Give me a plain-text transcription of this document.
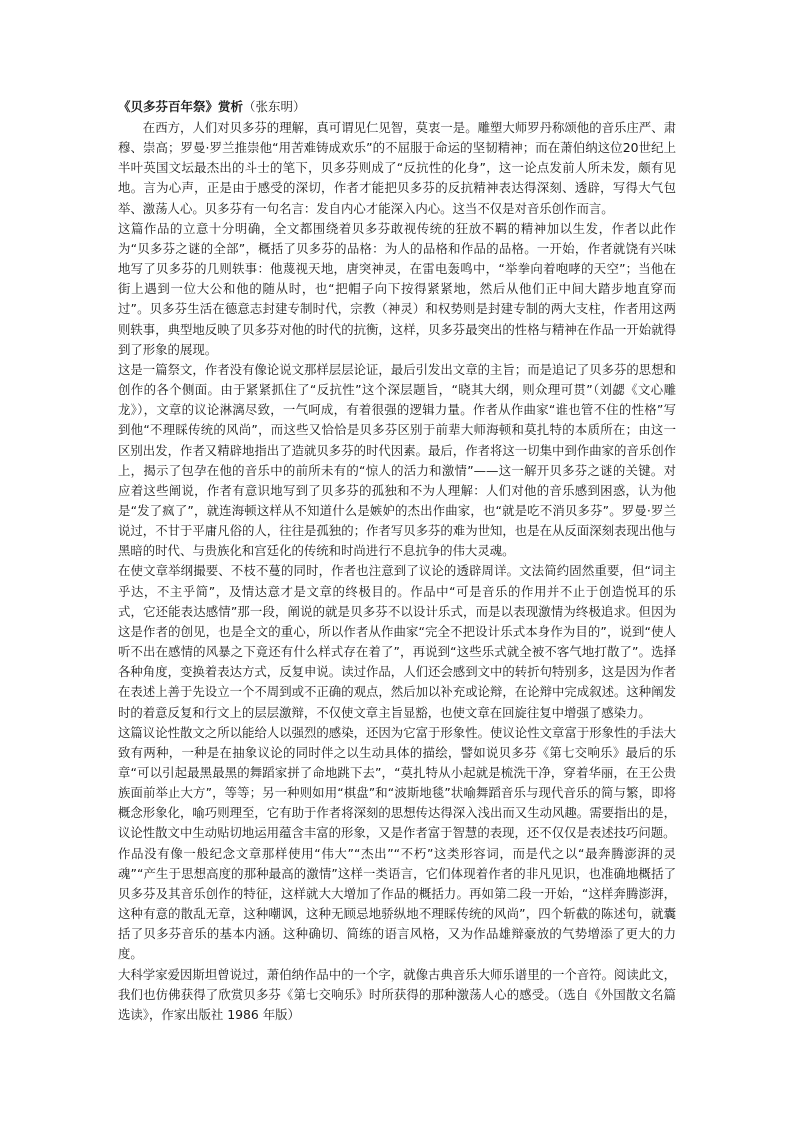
《贝多芬百年祭》赏析（张东明）

在西方，人们对贝多芬的理解，真可谓见仁见智，莫衷一是。雕塑大师罗丹称颂他的音乐庄严、肃穆、崇高；罗曼·罗兰推崇他“用苦难铸成欢乐”的不屈服于命运的坚韧精神；而在萧伯纳这位20世纪上半叶英国文坛最杰出的斗士的笔下，贝多芬则成了“反抗性的化身”，这一论点发前人所未发，颇有见地。言为心声，正是由于感受的深切，作者才能把贝多芬的反抗精神表达得深刻、透辟，写得大气包举、激荡人心。贝多芬有一句名言：发自内心才能深入内心。这当不仅是对音乐创作而言。

这篇作品的立意十分明确，全文都围绕着贝多芬敢视传统的狂放不羁的精神加以生发，作者以此作为“贝多芬之谜的全部”，概括了贝多芬的品格：为人的品格和作品的品格。一开始，作者就饶有兴味地写了贝多芬的几则轶事：他蔑视天地，唐突神灵，在雷电轰鸣中，“举拳向着咆哮的天空”；当他在街上遇到一位大公和他的随从时，也“把帽子向下按得紧紧地，然后从他们正中间大踏步地直穿而过”。贝多芬生活在德意志封建专制时代，宗教（神灵）和权势则是封建专制的两大支柱，作者用这两则轶事，典型地反映了贝多芬对他的时代的抗衡，这样，贝多芬最突出的性格与精神在作品一开始就得到了形象的展现。

这是一篇祭文，作者没有像论说文那样层层论证，最后引发出文章的主旨；而是追记了贝多芬的思想和创作的各个侧面。由于紧紧抓住了“反抗性”这个深层题旨，“晓其大纲，则众理可贯”（刘勰《文心雕龙》），文章的议论淋漓尽致，一气呵成，有着很强的逻辑力量。作者从作曲家“谁也管不住的性格”写到他“不理睬传统的风尚”，而这些又恰恰是贝多芬区别于前辈大师海顿和莫扎特的本质所在；由这一区别出发，作者又精辟地指出了造就贝多芬的时代因素。最后，作者将这一切集中到作曲家的音乐创作上，揭示了包孕在他的音乐中的前所未有的“惊人的活力和激情”——这一解开贝多芬之谜的关键。对应着这些阐说，作者有意识地写到了贝多芬的孤独和不为人理解：人们对他的音乐感到困惑，认为他是“发了疯了”，就连海顿这样从不知道什么是嫉妒的杰出作曲家，也“就是吃不消贝多芬”。罗曼·罗兰说过，不甘于平庸凡俗的人，往往是孤独的；作者写贝多芬的难为世知，也是在从反面深刻表现出他与黑暗的时代、与贵族化和宫廷化的传统和时尚进行不息抗争的伟大灵魂。

在使文章举纲撮要、不枝不蔓的同时，作者也注意到了议论的透辟周详。文法简约固然重要，但“词主乎达，不主乎简”，及情达意才是文章的终极目的。作品中“可是音乐的作用并不止于创造悦耳的乐式，它还能表达感情”那一段，阐说的就是贝多芬不以设计乐式，而是以表现激情为终极追求。但因为这是作者的创见，也是全文的重心，所以作者从作曲家“完全不把设计乐式本身作为目的”，说到“使人听不出在感情的风暴之下竟还有什么样式存在着了”，再说到“这些乐式就全被不客气地打散了”。选择各种角度，变换着表达方式，反复申说。读过作品，人们还会感到文中的转折句特别多，这是因为作者在表述上善于先设立一个不周到或不正确的观点，然后加以补充或论辩，在论辩中完成叙述。这种阐发时的着意反复和行文上的层层激辩，不仅使文章主旨显豁，也使文章在回旋往复中增强了感染力。

这篇议论性散文之所以能给人以强烈的感染，还因为它富于形象性。使议论性文章富于形象性的手法大致有两种，一种是在抽象议论的同时伴之以生动具体的描绘，譬如说贝多芬《第七交响乐》最后的乐章“可以引起最黑最黑的舞蹈家拼了命地跳下去”，“莫扎特从小起就是梳洗干净，穿着华丽，在王公贵族面前举止大方”，等等；另一种则如用“棋盘”和“波斯地毯”状喻舞蹈音乐与现代音乐的简与繁，即将概念形象化，喻巧则理至，它有助于作者将深刻的思想传达得深入浅出而又生动风趣。需要指出的是，议论性散文中生动贴切地运用蕴含丰富的形象，又是作者富于智慧的表现，还不仅仅是表述技巧问题。

作品没有像一般纪念文章那样使用“伟大”“杰出”“不朽”这类形容词，而是代之以“最奔腾澎湃的灵魂”“产生于思想高度的那种最高的激情”这样一类语言，它们体现着作者的非凡见识，也准确地概括了贝多芬及其音乐创作的特征，这样就大大增加了作品的概括力。再如第二段一开始，“这样奔腾澎湃，这种有意的散乱无章，这种嘲讽，这种无顾忌地骄纵地不理睬传统的风尚”，四个斩截的陈述句，就囊括了贝多芬音乐的基本内涵。这种确切、简练的语言风格，又为作品雄辩豪放的气势增添了更大的力度。

大科学家爱因斯坦曾说过，萧伯纳作品中的一个字，就像古典音乐大师乐谱里的一个音符。阅读此文，我们也仿佛获得了欣赏贝多芬《第七交响乐》时所获得的那种激荡人心的感受。（选自《外国散文名篇选读》，作家出版社 1986 年版）
